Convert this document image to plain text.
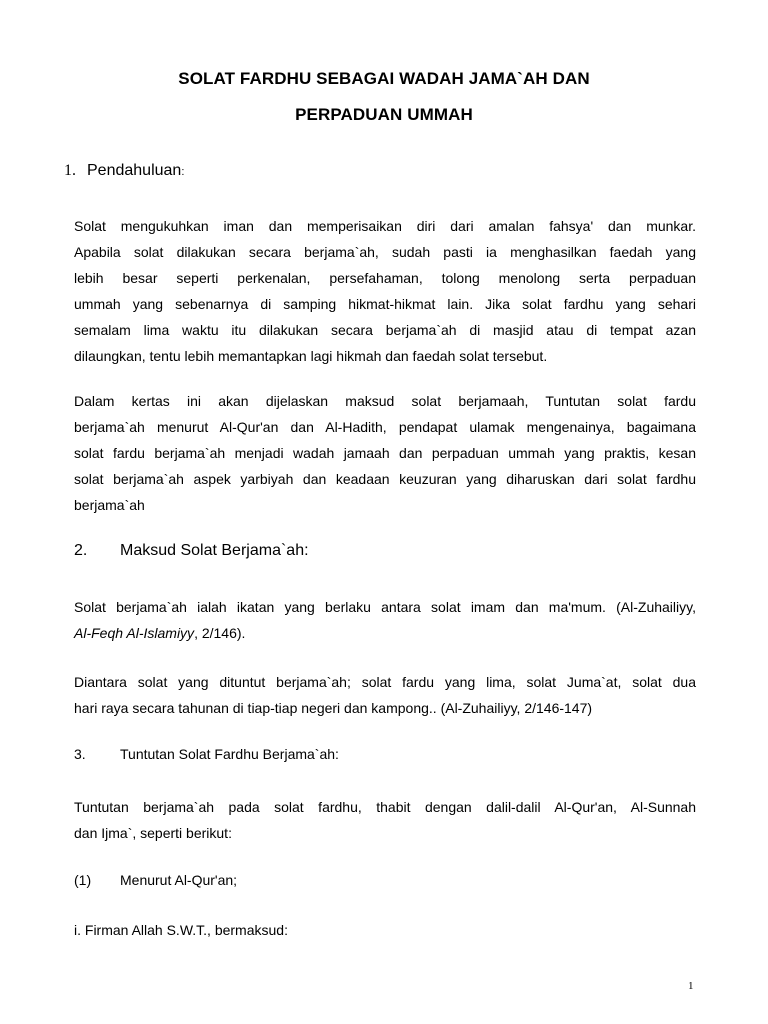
SOLAT FARDHU SEBAGAI WADAH JAMA`AH DAN
PERPADUAN UMMAH
1. Pendahuluan:
Solat mengukuhkan iman dan memperisaikan diri dari amalan fahsya' dan munkar.
Apabila solat dilakukan secara berjama`ah, sudah pasti ia menghasilkan faedah yang
lebih besar seperti perkenalan, persefahaman, tolong menolong serta perpaduan
ummah yang sebenarnya di samping hikmat-hikmat lain. Jika solat fardhu yang sehari
semalam lima waktu itu dilakukan secara berjama`ah di masjid atau di tempat azan
dilaungkan, tentu lebih memantapkan lagi hikmah dan faedah solat tersebut.
Dalam kertas ini akan dijelaskan maksud solat berjamaah, Tuntutan solat fardu
berjama`ah menurut Al-Qur'an dan Al-Hadith, pendapat ulamak mengenainya, bagaimana
solat fardu berjama`ah menjadi wadah jamaah dan perpaduan ummah yang praktis, kesan
solat berjama`ah aspek yarbiyah dan keadaan keuzuran yang diharuskan dari solat fardhu
berjama`ah
2. Maksud Solat Berjama`ah:
Solat berjama`ah ialah ikatan yang berlaku antara solat imam dan ma'mum. (Al-Zuhailiyy,
Al-Feqh Al-Islamiyy, 2/146).
Diantara solat yang dituntut berjama`ah; solat fardu yang lima, solat Juma`at, solat dua
hari raya secara tahunan di tiap-tiap negeri dan kampong.. (Al-Zuhailiyy, 2/146-147)
3. Tuntutan Solat Fardhu Berjama`ah:
Tuntutan berjama`ah pada solat fardhu, thabit dengan dalil-dalil Al-Qur'an, Al-Sunnah
dan Ijma`, seperti berikut:
(1) Menurut Al-Qur'an;
i. Firman Allah S.W.T., bermaksud:
1
